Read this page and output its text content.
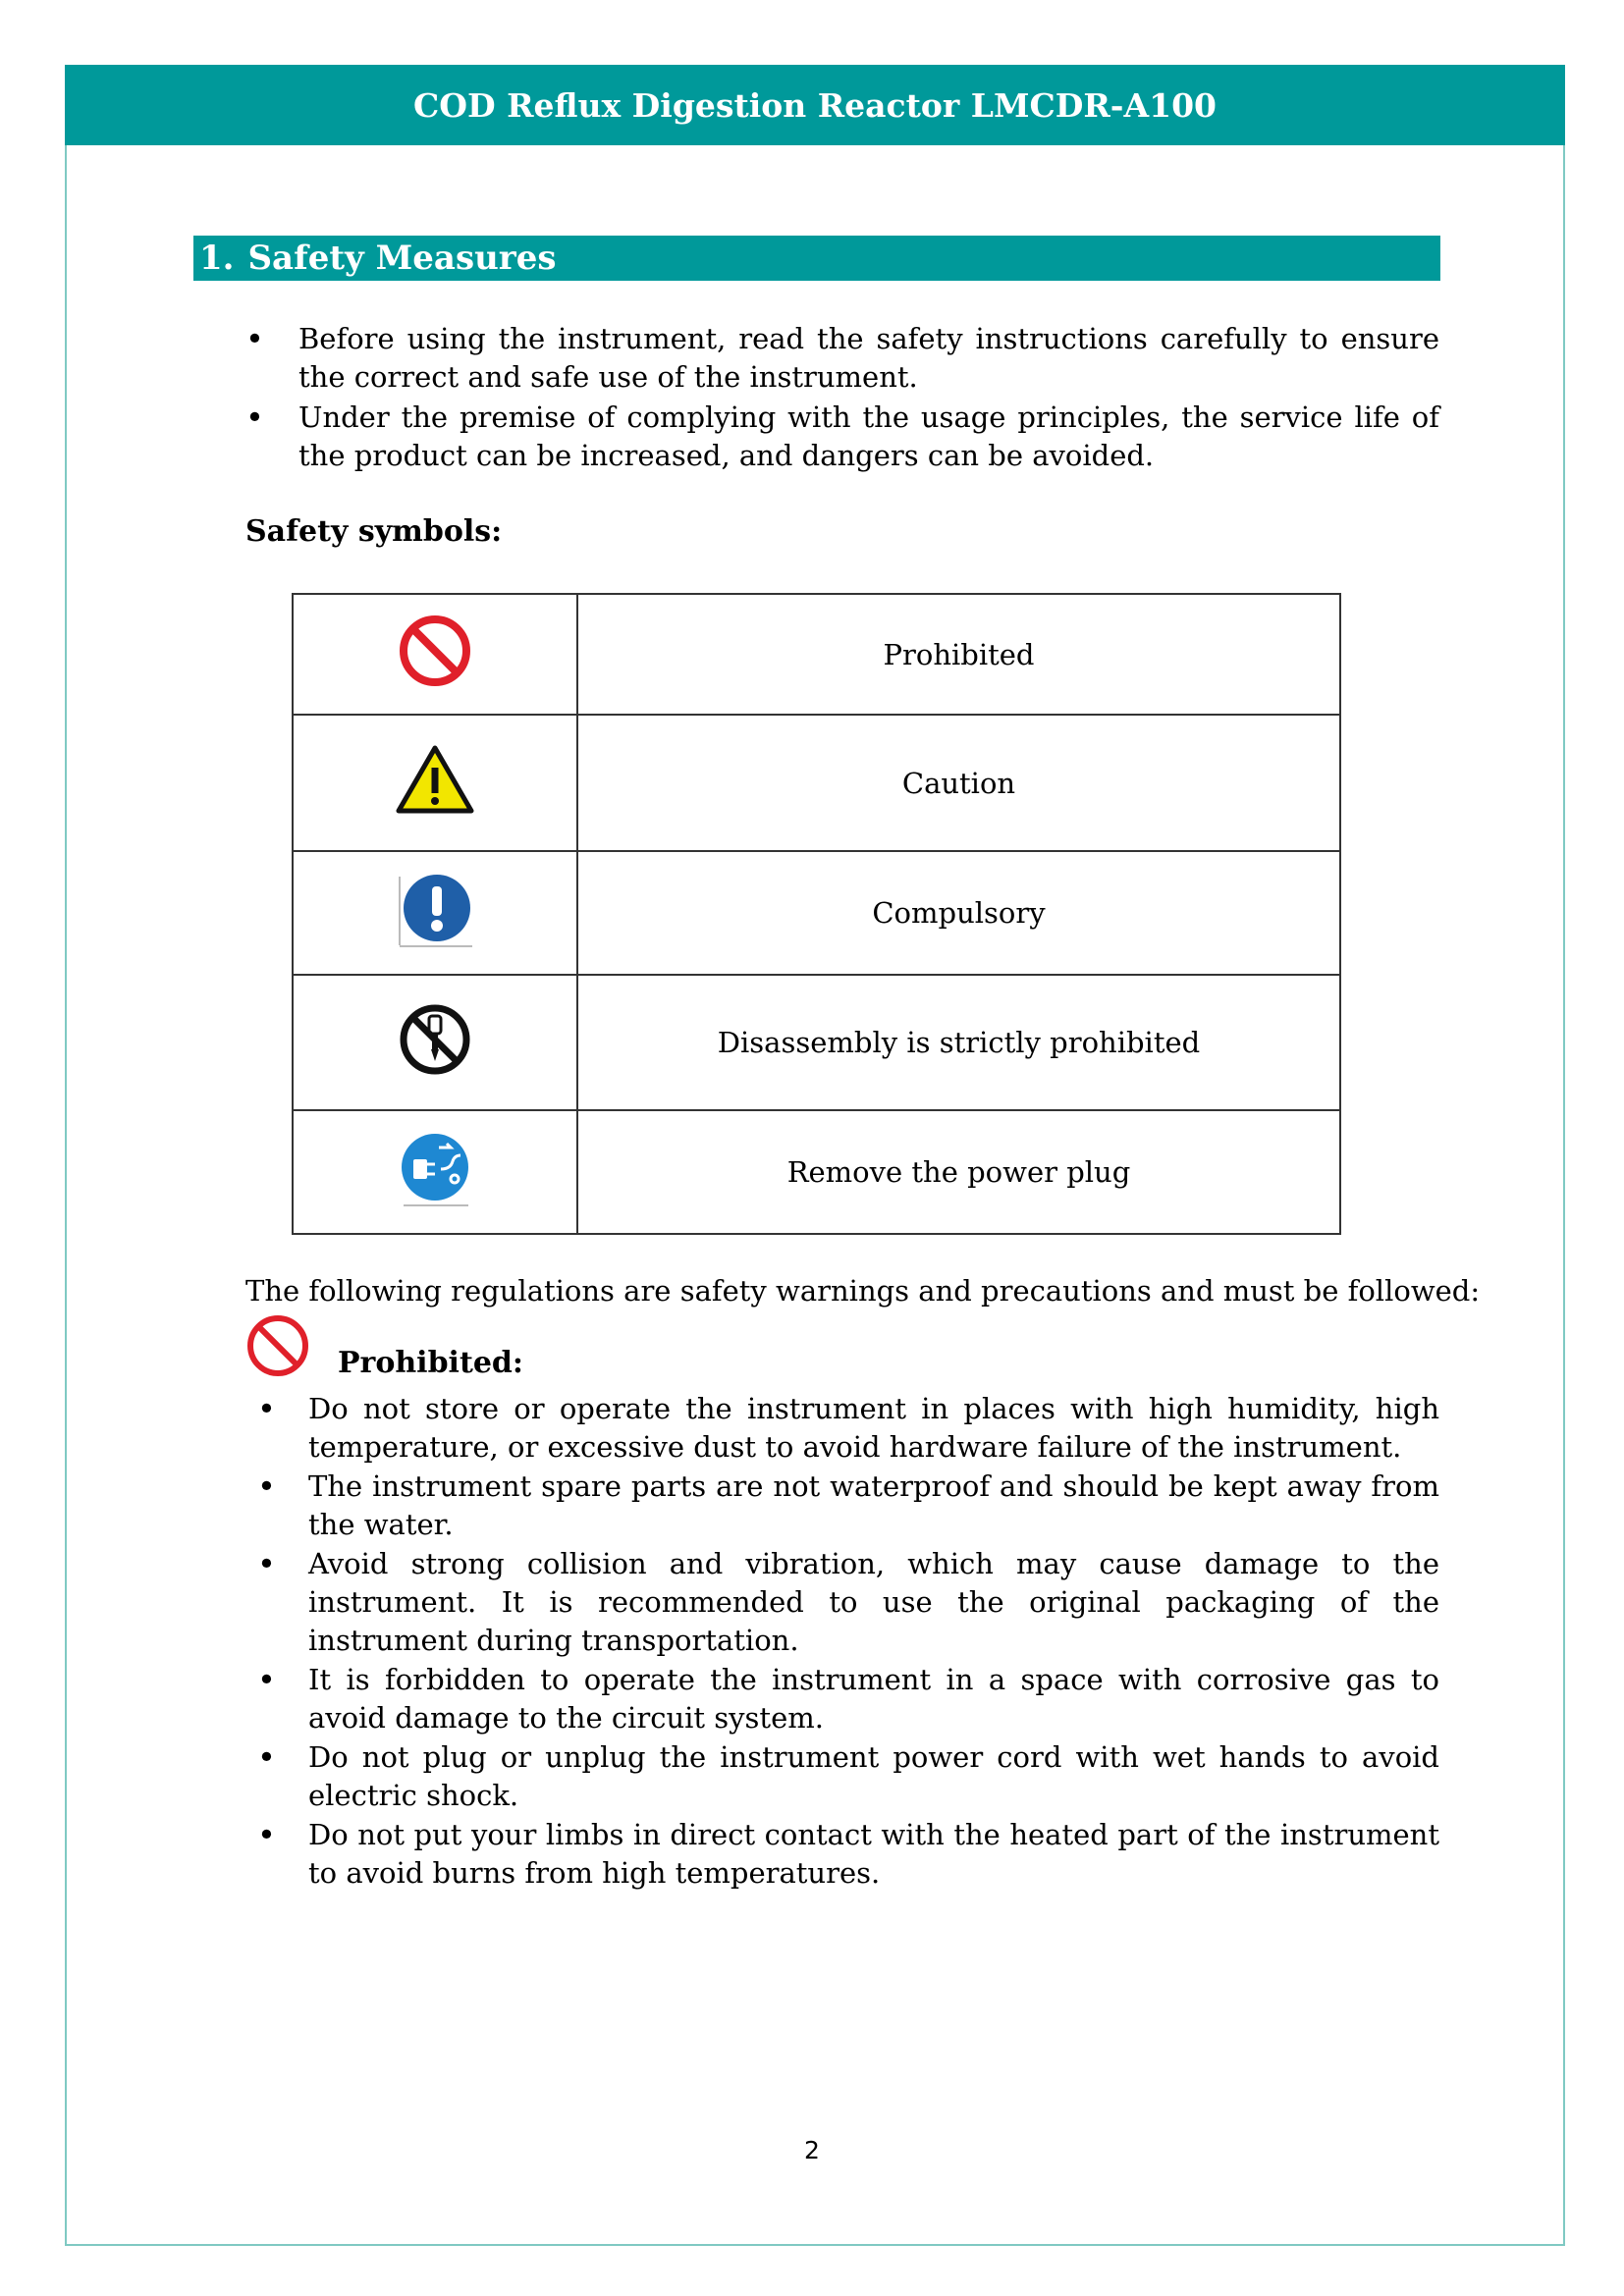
COD Reflux Digestion Reactor LMCDR-A100
1. Safety Measures
• Before using the instrument, read the safety instructions carefully to ensure the correct and safe use of the instrument.
• Under the premise of complying with the usage principles, the service life of the product can be increased, and dangers can be avoided.
Safety symbols:
	Prohibited
	Caution
	Compulsory
	Disassembly is strictly prohibited
	Remove the power plug
The following regulations are safety warnings and precautions and must be followed:
Prohibited:
• Do not store or operate the instrument in places with high humidity, high temperature, or excessive dust to avoid hardware failure of the instrument.
• The instrument spare parts are not waterproof and should be kept away from the water.
• Avoid strong collision and vibration, which may cause damage to the instrument. It is recommended to use the original packaging of the instrument during transportation.
• It is forbidden to operate the instrument in a space with corrosive gas to avoid damage to the circuit system.
• Do not plug or unplug the instrument power cord with wet hands to avoid electric shock.
• Do not put your limbs in direct contact with the heated part of the instrument to avoid burns from high temperatures.
2
